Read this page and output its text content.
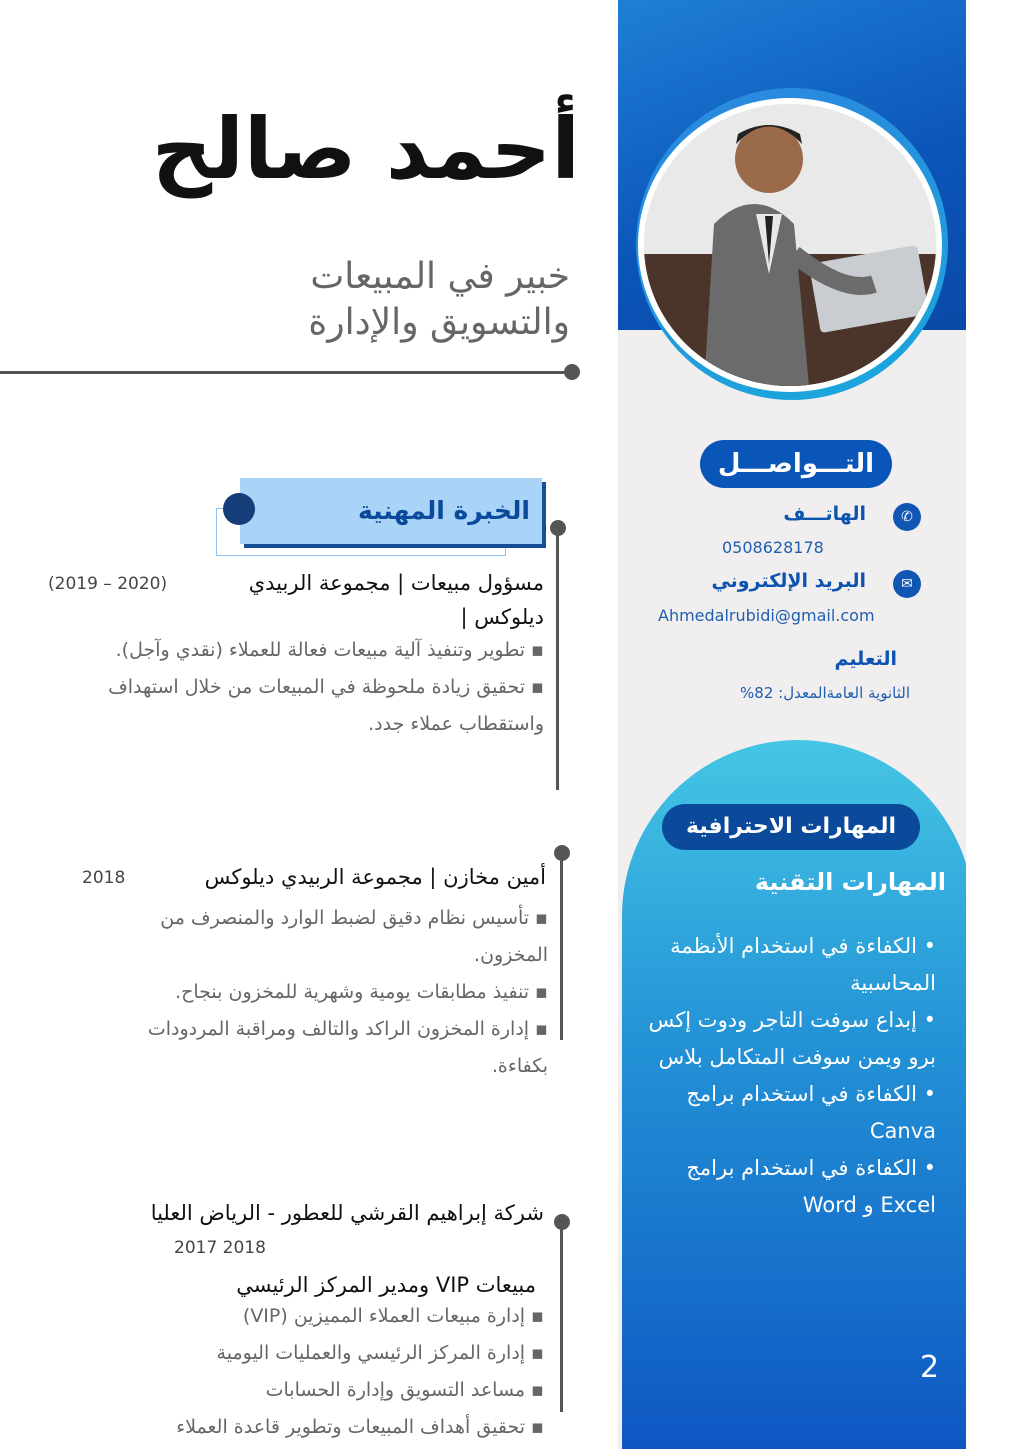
التـــواصـــل
✆
الهاتـــف
0508628178
✉
البريد الإلكتروني
Ahmedalrubidi@gmail.com
التعليم
الثانوية العامةالمعدل: 82%
المهارات الاحترافية
المهارات التقنية
• الكفاءة في استخدام الأنظمة المحاسبية
• إبداع سوفت التاجر ودوت إكس برو ويمن سوفت المتكامل بلاس
• الكفاءة في استخدام برامج Canva
• الكفاءة في استخدام برامج Excel و Word
2
أحمد صالح
خبير في المبيعات
والتسويق والإدارة
الخبرة المهنية
مسؤول مبيعات | مجموعة الربيدي ديلوكس |
(2019 – 2020)
▪ تطوير وتنفيذ آلية مبيعات فعالة للعملاء (نقدي وآجل).
▪ تحقيق زيادة ملحوظة في المبيعات من خلال استهداف واستقطاب عملاء جدد.
أمين مخازن | مجموعة الربيدي ديلوكس
2018
▪ تأسيس نظام دقيق لضبط الوارد والمنصرف من المخزون.
▪ تنفيذ مطابقات يومية وشهرية للمخزون بنجاح.
▪ إدارة المخزون الراكد والتالف ومراقبة المردودات بكفاءة.
شركة إبراهيم القرشي للعطور - الرياض العليا
2017 2018
مبيعات VIP ومدير المركز الرئيسي
▪ إدارة مبيعات العملاء المميزين (VIP)
▪ إدارة المركز الرئيسي والعمليات اليومية
▪ مساعد التسويق وإدارة الحسابات
▪ تحقيق أهداف المبيعات وتطوير قاعدة العملاء
